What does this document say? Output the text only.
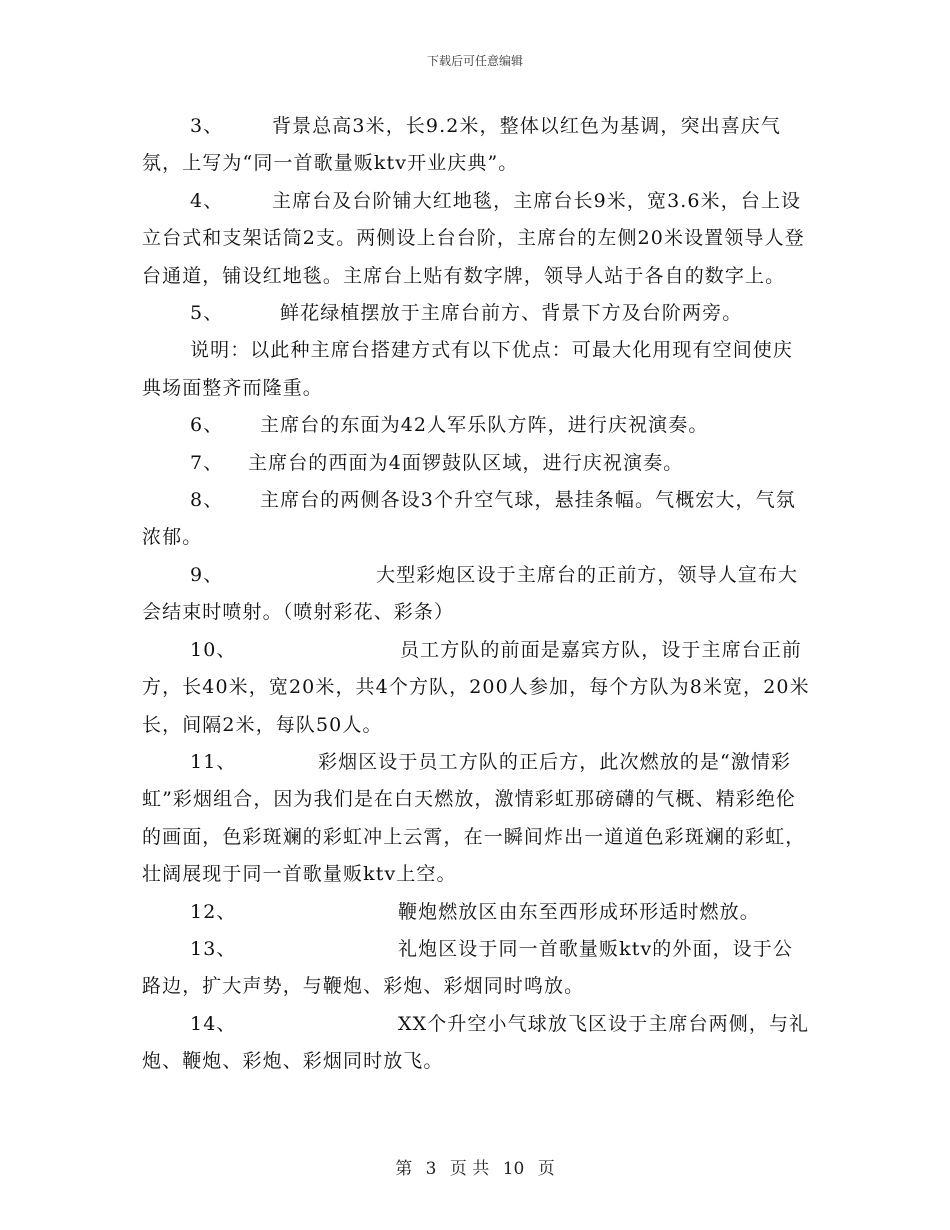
下载后可任意编辑

3、	背景总高3米，长9.2米，整体以红色为基调，突出喜庆气氛，上写为“同一首歌量贩ktv开业庆典”。

4、	主席台及台阶铺大红地毯，主席台长9米，宽3.6米，台上设立台式和支架话筒2支。两侧设上台台阶，主席台的左侧20米设置领导人登台通道，铺设红地毯。主席台上贴有数字牌，领导人站于各自的数字上。

5、	鲜花绿植摆放于主席台前方、背景下方及台阶两旁。

说明：以此种主席台搭建方式有以下优点：可最大化用现有空间使庆典场面整齐而隆重。

6、 主席台的东面为42人军乐队方阵，进行庆祝演奏。

7、 主席台的西面为4面锣鼓队区域，进行庆祝演奏。

8、 主席台的两侧各设3个升空气球，悬挂条幅。气概宏大，气氛浓郁。

9、	大型彩炮区设于主席台的正前方，领导人宣布大会结束时喷射。（喷射彩花、彩条）

10、	员工方队的前面是嘉宾方队，设于主席台正前方，长40米，宽20米，共4个方队，200人参加，每个方队为8米宽，20米长，间隔2米，每队50人。

11、	彩烟区设于员工方队的正后方，此次燃放的是“激情彩虹”彩烟组合，因为我们是在白天燃放，激情彩虹那磅礴的气概、精彩绝伦的画面，色彩斑斓的彩虹冲上云霄，在一瞬间炸出一道道色彩斑斓的彩虹，壮阔展现于同一首歌量贩ktv上空。

12、	鞭炮燃放区由东至西形成环形适时燃放。

13、	礼炮区设于同一首歌量贩ktv的外面，设于公路边，扩大声势，与鞭炮、彩炮、彩烟同时鸣放。

14、	XX个升空小气球放飞区设于主席台两侧，与礼炮、鞭炮、彩炮、彩烟同时放飞。

第 3 页 共 10 页
